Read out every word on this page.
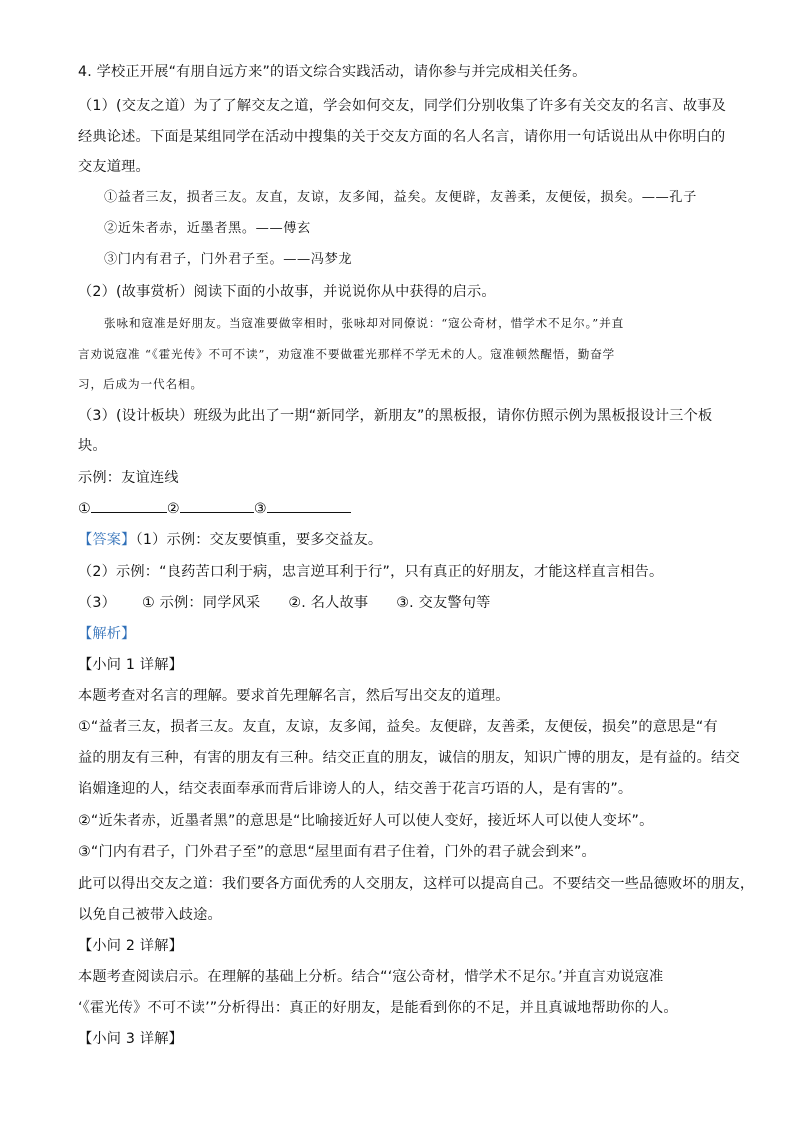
4. 学校正开展“有朋自远方来”的语文综合实践活动，请你参与并完成相关任务。
（1）(交友之道）为了了解交友之道，学会如何交友，同学们分别收集了许多有关交友的名言、故事及
经典论述。下面是某组同学在活动中搜集的关于交友方面的名人名言，请你用一句话说出从中你明白的
交友道理。
①益者三友，损者三友。友直，友谅，友多闻，益矣。友便辟，友善柔，友便佞，损矣。——孔子
②近朱者赤，近墨者黑。——傅玄
③门内有君子，门外君子至。——冯梦龙
（2）(故事赏析）阅读下面的小故事，并说说你从中获得的启示。
张咏和寇准是好朋友。当寇准要做宰相时，张咏却对同僚说：“寇公奇材，惜学术不足尔。”并直
言劝说寇准 “《霍光传》不可不读”，劝寇准不要做霍光那样不学无术的人。寇准顿然醒悟，勤奋学
习，后成为一代名相。
（3）(设计板块）班级为此出了一期“新同学，新朋友”的黑板报，请你仿照示例为黑板报设计三个板
块。
示例：友谊连线
①	②	③
【答案】（1）示例：交友要慎重，要多交益友。
（2）示例：“良药苦口利于病，忠言逆耳利于行”，只有真正的好朋友，才能这样直言相告。
（3） ① 示例：同学风采 ②. 名人故事 ③. 交友警句等
【解析】
【小问 1 详解】
本题考查对名言的理解。要求首先理解名言，然后写出交友的道理。
①“益者三友，损者三友。友直，友谅，友多闻，益矣。友便辟，友善柔，友便佞，损矣”的意思是“有
益的朋友有三种，有害的朋友有三种。结交正直的朋友，诚信的朋友，知识广博的朋友，是有益的。结交
谄媚逢迎的人，结交表面奉承而背后诽谤人的人，结交善于花言巧语的人，是有害的”。
②“近朱者赤，近墨者黑”的意思是“比喻接近好人可以使人变好，接近坏人可以使人变坏”。
③“门内有君子，门外君子至”的意思“屋里面有君子住着，门外的君子就会到来”。
此可以得出交友之道：我们要各方面优秀的人交朋友，这样可以提高自己。不要结交一些品德败坏的朋友，
以免自己被带入歧途。
【小问 2 详解】
本题考查阅读启示。在理解的基础上分析。结合“‘寇公奇材，惜学术不足尔。’并直言劝说寇准
‘《霍光传》不可不读’”分析得出：真正的好朋友，是能看到你的不足，并且真诚地帮助你的人。
【小问 3 详解】
